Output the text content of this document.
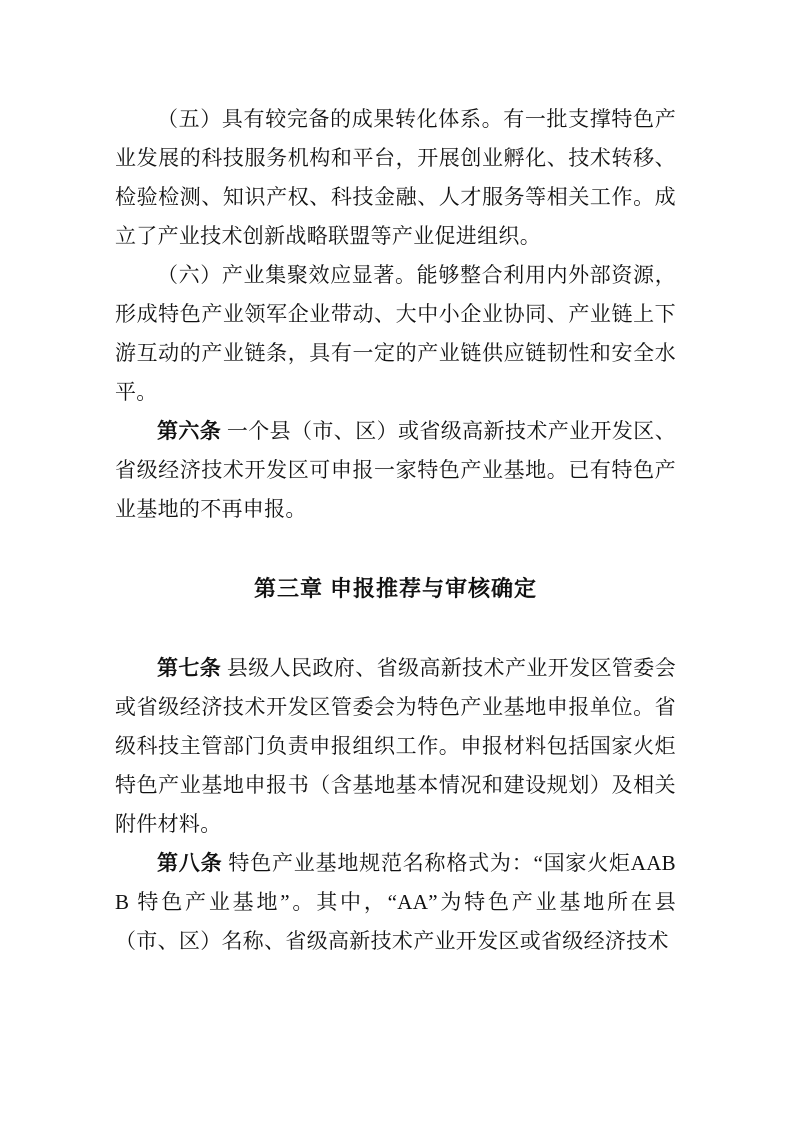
（五）具有较完备的成果转化体系。有一批支撑特色产业发展的科技服务机构和平台，开展创业孵化、技术转移、检验检测、知识产权、科技金融、人才服务等相关工作。成立了产业技术创新战略联盟等产业促进组织。

（六）产业集聚效应显著。能够整合利用内外部资源，形成特色产业领军企业带动、大中小企业协同、产业链上下游互动的产业链条，具有一定的产业链供应链韧性和安全水平。

第六条 一个县（市、区）或省级高新技术产业开发区、省级经济技术开发区可申报一家特色产业基地。已有特色产业基地的不再申报。

第三章 申报推荐与审核确定

第七条 县级人民政府、省级高新技术产业开发区管委会或省级经济技术开发区管委会为特色产业基地申报单位。省级科技主管部门负责申报组织工作。申报材料包括国家火炬特色产业基地申报书（含基地基本情况和建设规划）及相关附件材料。

第八条 特色产业基地规范名称格式为：“国家火炬AABB 特色产业基地”。其中，“AA”为特色产业基地所在县（市、区）名称、省级高新技术产业开发区或省级经济技术
